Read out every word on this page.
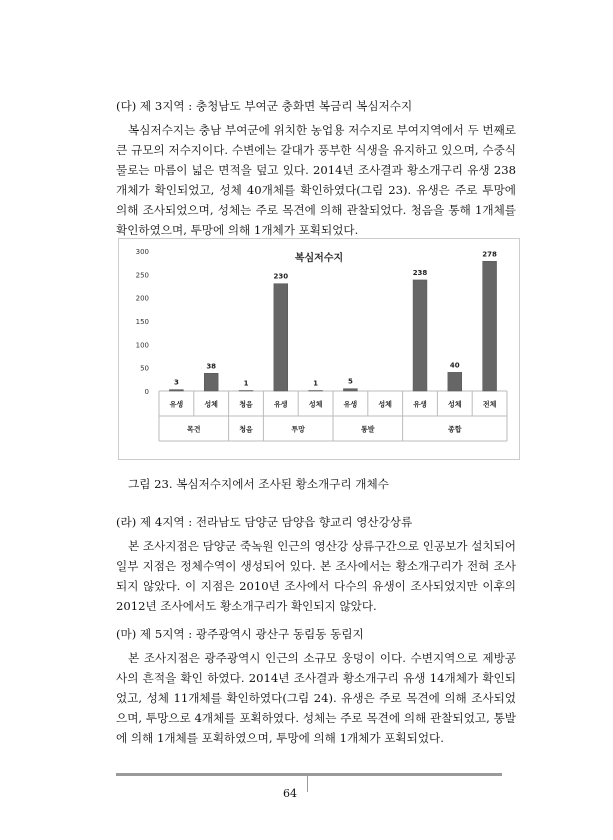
(다) 제 3지역 : 충청남도 부여군 충화면 복금리 복심저수지
복심저수지는 충남 부여군에 위치한 농업용 저수지로 부여지역에서 두 번째로 큰 규모의 저수지이다. 수변에는 갈대가 풍부한 식생을 유지하고 있으며, 수중식물로는 마름이 넓은 면적을 덮고 있다. 2014년 조사결과 황소개구리 유생 238개체가 확인되었고, 성체 40개체를 확인하였다(그림 23). 유생은 주로 투망에 의해 조사되었으며, 성체는 주로 목견에 의해 관찰되었다. 청음을 통해 1개체를 확인하였으며, 투망에 의해 1개체가 포획되었다.
복심저수지
0
50
100
150
200
250
300
3
38
1
230
1	5
238
40
278
유생	성체	청음	유생	성체	유생	성체	유생	성체	전체
목견	청음	투망	통발	종합
그림 23. 복심저수지에서 조사된 황소개구리 개체수
(라) 제 4지역 : 전라남도 담양군 담양읍 향교리 영산강상류
본 조사지점은 담양군 죽녹원 인근의 영산강 상류구간으로 인공보가 설치되어 일부 지점은 정체수역이 생성되어 있다. 본 조사에서는 황소개구리가 전혀 조사되지 않았다. 이 지점은 2010년 조사에서 다수의 유생이 조사되었지만 이후의 2012년 조사에서도 황소개구리가 확인되지 않았다.
(마) 제 5지역 : 광주광역시 광산구 동림동 동림지
본 조사지점은 광주광역시 인근의 소규모 웅덩이 이다. 수변지역으로 제방공사의 흔적을 확인 하였다. 2014년 조사결과 황소개구리 유생 14개체가 확인되었고, 성체 11개체를 확인하였다(그림 24). 유생은 주로 목견에 의해 조사되었으며, 투망으로 4개체를 포획하였다. 성체는 주로 목견에 의해 관찰되었고, 통발에 의해 1개체를 포획하였으며, 투망에 의해 1개체가 포획되었다.
64
